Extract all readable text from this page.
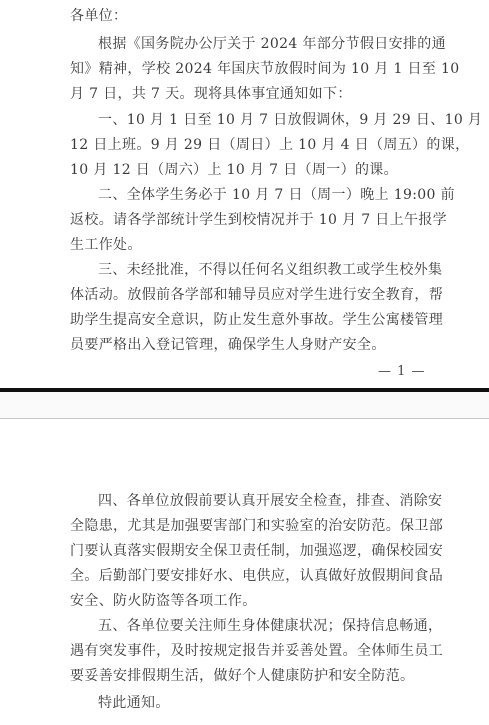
各单位：
根据《国务院办公厅关于 2024 年部分节假日安排的通
知》精神，学校 2024 年国庆节放假时间为 10 月 1 日至 10
月 7 日，共 7 天。现将具体事宜通知如下：
一、10 月 1 日至 10 月 7 日放假调休，9 月 29 日、10 月
12 日上班。9 月 29 日（周日）上 10 月 4 日（周五）的课，
10 月 12 日（周六）上 10 月 7 日（周一）的课。
二、全体学生务必于 10 月 7 日（周一）晚上 19:00 前
返校。请各学部统计学生到校情况并于 10 月 7 日上午报学
生工作处。
三、未经批准，不得以任何名义组织教工或学生校外集
体活动。放假前各学部和辅导员应对学生进行安全教育，帮
助学生提高安全意识，防止发生意外事故。学生公寓楼管理
员要严格出入登记管理，确保学生人身财产安全。
— 1 —
四、各单位放假前要认真开展安全检查，排查、消除安
全隐患，尤其是加强要害部门和实验室的治安防范。保卫部
门要认真落实假期安全保卫责任制，加强巡逻，确保校园安
全。后勤部门要安排好水、电供应，认真做好放假期间食品
安全、防火防盗等各项工作。
五、各单位要关注师生身体健康状况；保持信息畅通，
遇有突发事件，及时按规定报告并妥善处置。全体师生员工
要妥善安排假期生活，做好个人健康防护和安全防范。
特此通知。
